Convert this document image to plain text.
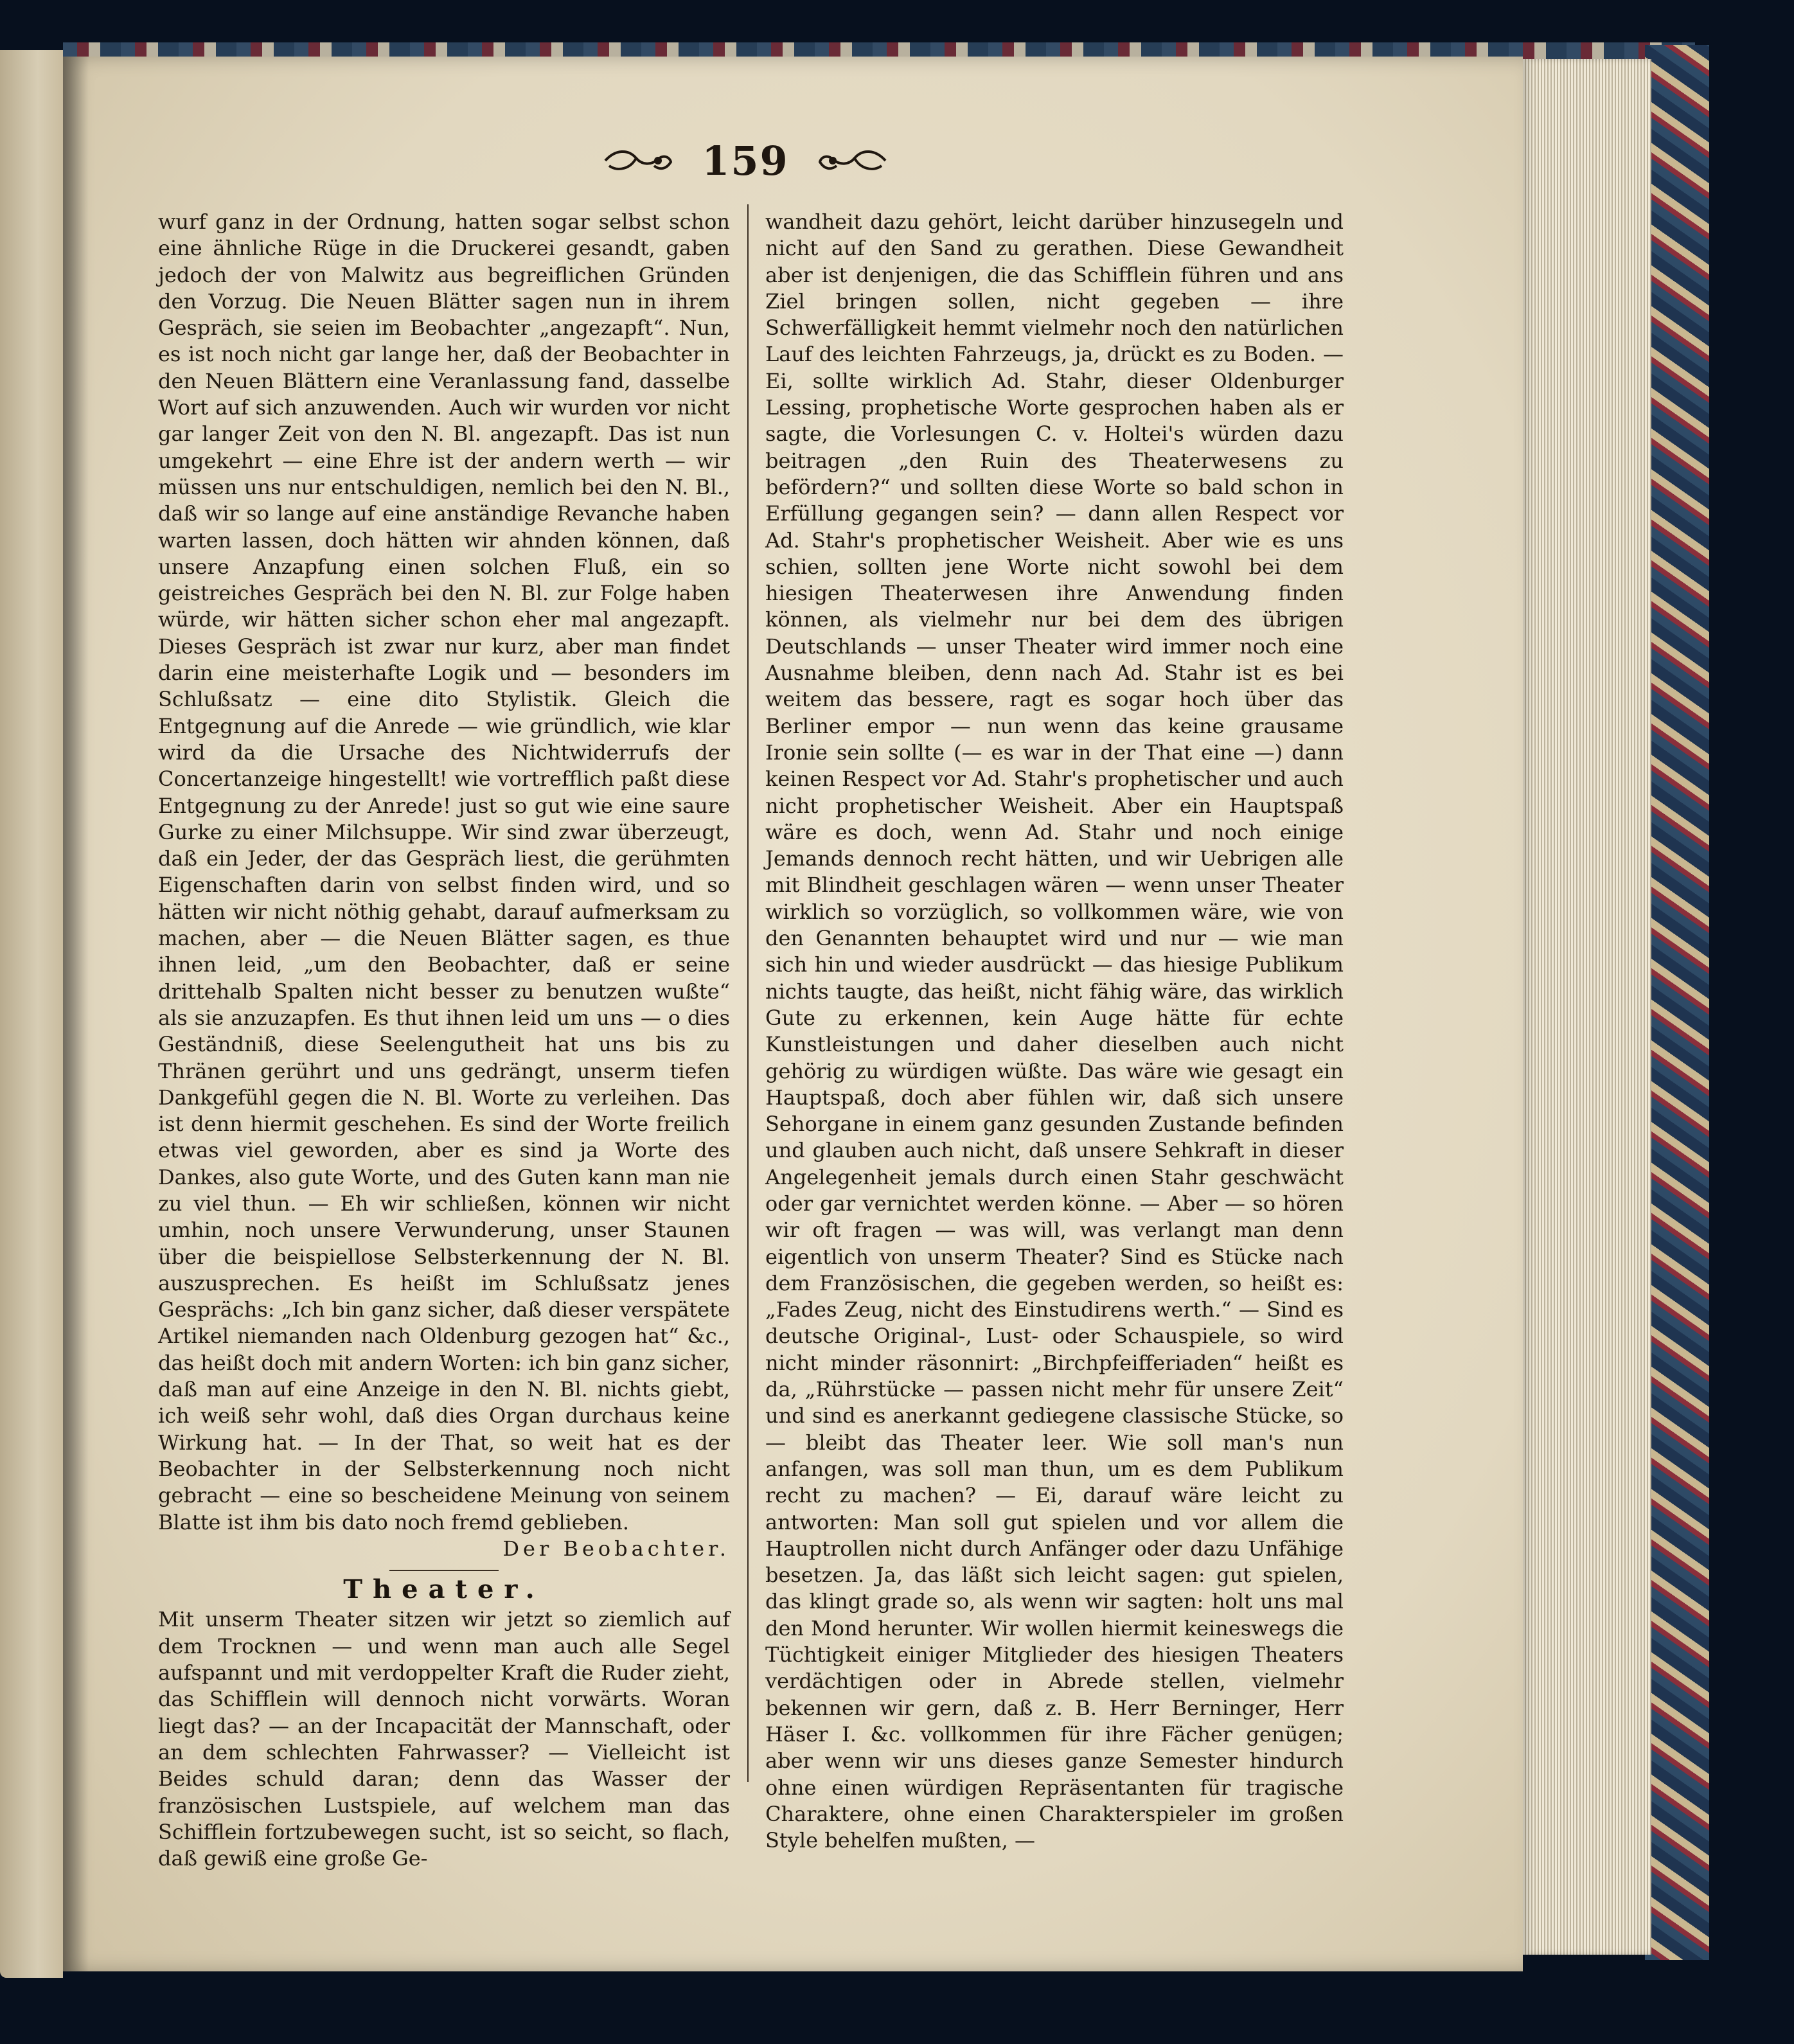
159

wurf ganz in der Ordnung, hatten sogar selbst schon eine ähnliche Rüge in die Druckerei gesandt, gaben jedoch der von Malwitz aus begreiflichen Gründen den Vorzug. Die Neuen Blätter sagen nun in ihrem Gespräch, sie seien im Beobachter „angezapft“. Nun, es ist noch nicht gar lange her, daß der Beobachter in den Neuen Blättern eine Veranlassung fand, dasselbe Wort auf sich anzuwenden. Auch wir wurden vor nicht gar langer Zeit von den N. Bl. angezapft. Das ist nun umgekehrt — eine Ehre ist der andern werth — wir müssen uns nur entschuldigen, nemlich bei den N. Bl., daß wir so lange auf eine anständige Revanche haben warten lassen, doch hätten wir ahnden können, daß unsere Anzapfung einen solchen Fluß, ein so geistreiches Gespräch bei den N. Bl. zur Folge haben würde, wir hätten sicher schon eher mal angezapft. Dieses Gespräch ist zwar nur kurz, aber man findet darin eine meisterhafte Logik und — besonders im Schlußsatz — eine dito Stylistik. Gleich die Entgegnung auf die Anrede — wie gründlich, wie klar wird da die Ursache des Nichtwiderrufs der Concertanzeige hingestellt! wie vortrefflich paßt diese Entgegnung zu der Anrede! just so gut wie eine saure Gurke zu einer Milchsuppe. Wir sind zwar überzeugt, daß ein Jeder, der das Gespräch liest, die gerühmten Eigenschaften darin von selbst finden wird, und so hätten wir nicht nöthig gehabt, darauf aufmerksam zu machen, aber — die Neuen Blätter sagen, es thue ihnen leid, „um den Beobachter, daß er seine drittehalb Spalten nicht besser zu benutzen wußte“ als sie anzuzapfen. Es thut ihnen leid um uns — o dies Geständniß, diese Seelengutheit hat uns bis zu Thränen gerührt und uns gedrängt, unserm tiefen Dankgefühl gegen die N. Bl. Worte zu verleihen. Das ist denn hiermit geschehen. Es sind der Worte freilich etwas viel geworden, aber es sind ja Worte des Dankes, also gute Worte, und des Guten kann man nie zu viel thun. — Eh wir schließen, können wir nicht umhin, noch unsere Verwunderung, unser Staunen über die beispiellose Selbsterkennung der N. Bl. auszusprechen. Es heißt im Schlußsatz jenes Gesprächs: „Ich bin ganz sicher, daß dieser verspätete Artikel niemanden nach Oldenburg gezogen hat“ &c., das heißt doch mit andern Worten: ich bin ganz sicher, daß man auf eine Anzeige in den N. Bl. nichts giebt, ich weiß sehr wohl, daß dies Organ durchaus keine Wirkung hat. — In der That, so weit hat es der Beobachter in der Selbsterkennung noch nicht gebracht — eine so bescheidene Meinung von seinem Blatte ist ihm bis dato noch fremd geblieben.

Der Beobachter.
Theater.

Mit unserm Theater sitzen wir jetzt so ziemlich auf dem Trocknen — und wenn man auch alle Segel aufspannt und mit verdoppelter Kraft die Ruder zieht, das Schifflein will dennoch nicht vorwärts. Woran liegt das? — an der Incapacität der Mannschaft, oder an dem schlechten Fahrwasser? — Vielleicht ist Beides schuld daran; denn das Wasser der französischen Lustspiele, auf welchem man das Schifflein fortzubewegen sucht, ist so seicht, so flach, daß gewiß eine große Ge-

wandheit dazu gehört, leicht darüber hinzusegeln und nicht auf den Sand zu gerathen. Diese Gewandheit aber ist denjenigen, die das Schifflein führen und ans Ziel bringen sollen, nicht gegeben — ihre Schwerfälligkeit hemmt vielmehr noch den natürlichen Lauf des leichten Fahrzeugs, ja, drückt es zu Boden. — Ei, sollte wirklich Ad. Stahr, dieser Oldenburger Lessing, prophetische Worte gesprochen haben als er sagte, die Vorlesungen C. v. Holtei's würden dazu beitragen „den Ruin des Theaterwesens zu befördern?“ und sollten diese Worte so bald schon in Erfüllung gegangen sein? — dann allen Respect vor Ad. Stahr's prophetischer Weisheit. Aber wie es uns schien, sollten jene Worte nicht sowohl bei dem hiesigen Theaterwesen ihre Anwendung finden können, als vielmehr nur bei dem des übrigen Deutschlands — unser Theater wird immer noch eine Ausnahme bleiben, denn nach Ad. Stahr ist es bei weitem das bessere, ragt es sogar hoch über das Berliner empor — nun wenn das keine grausame Ironie sein sollte (— es war in der That eine —) dann keinen Respect vor Ad. Stahr's prophetischer und auch nicht prophetischer Weisheit. Aber ein Hauptspaß wäre es doch, wenn Ad. Stahr und noch einige Jemands dennoch recht hätten, und wir Uebrigen alle mit Blindheit geschlagen wären — wenn unser Theater wirklich so vorzüglich, so vollkommen wäre, wie von den Genannten behauptet wird und nur — wie man sich hin und wieder ausdrückt — das hiesige Publikum nichts taugte, das heißt, nicht fähig wäre, das wirklich Gute zu erkennen, kein Auge hätte für echte Kunstleistungen und daher dieselben auch nicht gehörig zu würdigen wüßte. Das wäre wie gesagt ein Hauptspaß, doch aber fühlen wir, daß sich unsere Sehorgane in einem ganz gesunden Zustande befinden und glauben auch nicht, daß unsere Sehkraft in dieser Angelegenheit jemals durch einen Stahr geschwächt oder gar vernichtet werden könne. — Aber — so hören wir oft fragen — was will, was verlangt man denn eigentlich von unserm Theater? Sind es Stücke nach dem Französischen, die gegeben werden, so heißt es: „Fades Zeug, nicht des Einstudirens werth.“ — Sind es deutsche Original-, Lust- oder Schauspiele, so wird nicht minder räsonnirt: „Birchpfeifferiaden“ heißt es da, „Rührstücke — passen nicht mehr für unsere Zeit“ und sind es anerkannt gediegene classische Stücke, so — bleibt das Theater leer. Wie soll man's nun anfangen, was soll man thun, um es dem Publikum recht zu machen? — Ei, darauf wäre leicht zu antworten: Man soll gut spielen und vor allem die Hauptrollen nicht durch Anfänger oder dazu Unfähige besetzen. Ja, das läßt sich leicht sagen: gut spielen, das klingt grade so, als wenn wir sagten: holt uns mal den Mond herunter. Wir wollen hiermit keineswegs die Tüchtigkeit einiger Mitglieder des hiesigen Theaters verdächtigen oder in Abrede stellen, vielmehr bekennen wir gern, daß z. B. Herr Berninger, Herr Häser I. &c. vollkommen für ihre Fächer genügen; aber wenn wir uns dieses ganze Semester hindurch ohne einen würdigen Repräsentanten für tragische Charaktere, ohne einen Charakterspieler im großen Style behelfen mußten, —
